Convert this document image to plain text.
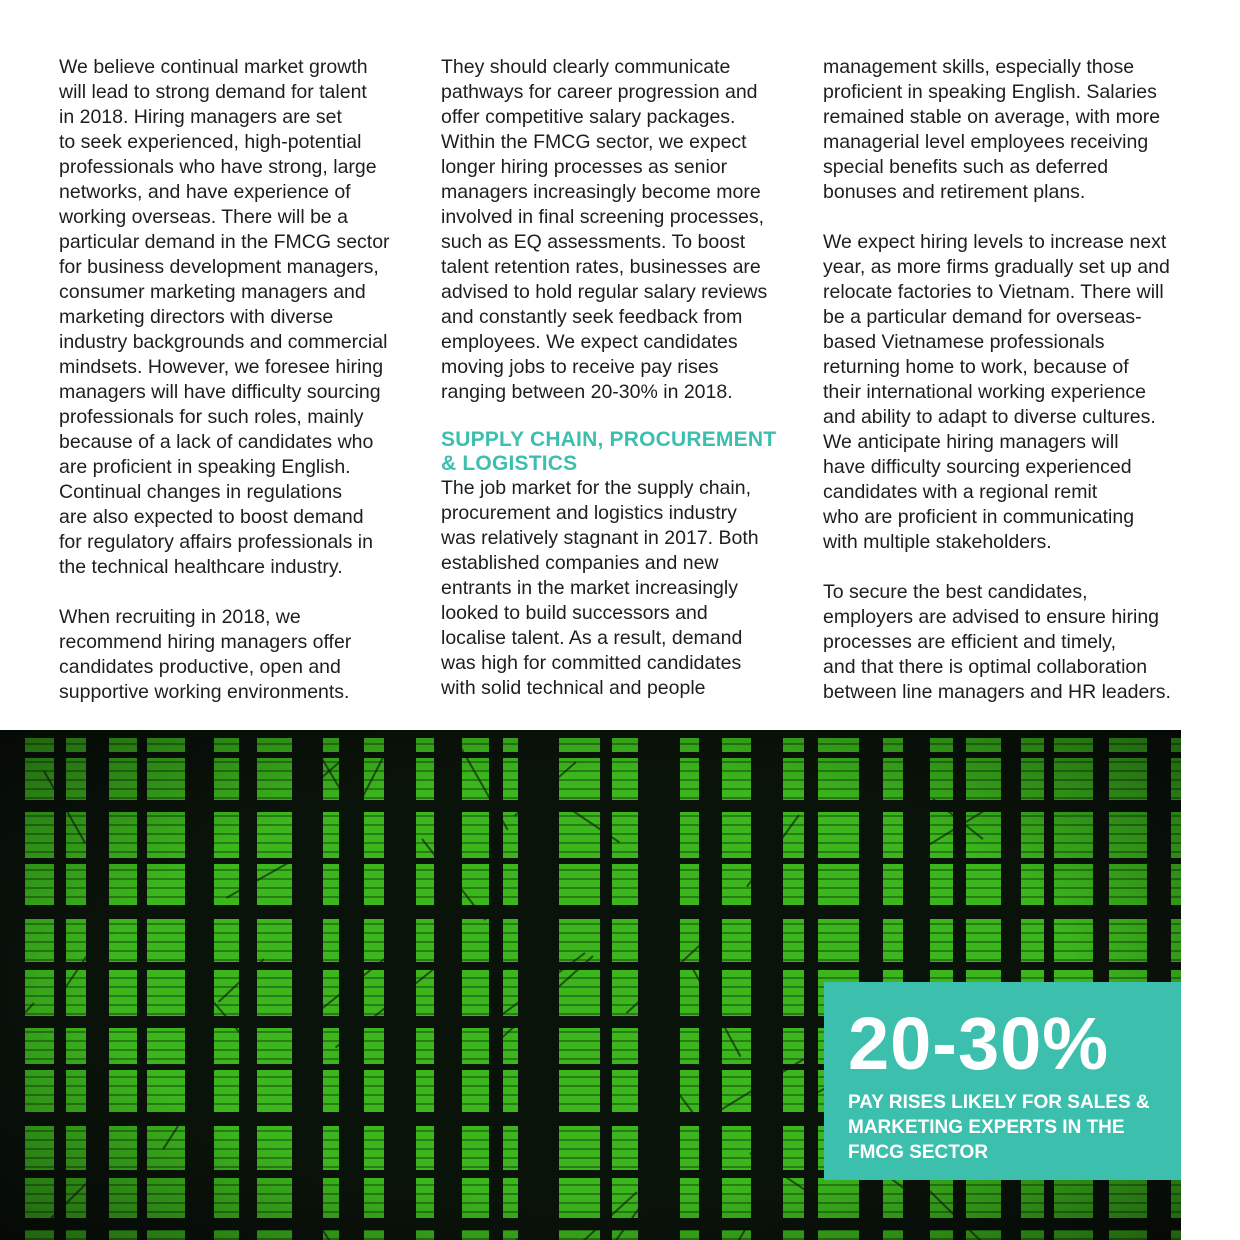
We believe continual market growth
will lead to strong demand for talent
in 2018. Hiring managers are set
to seek experienced, high-potential
professionals who have strong, large
networks, and have experience of
working overseas. There will be a
particular demand in the FMCG sector
for business development managers,
consumer marketing managers and
marketing directors with diverse
industry backgrounds and commercial
mindsets. However, we foresee hiring
managers will have difficulty sourcing
professionals for such roles, mainly
because of a lack of candidates who
are proficient in speaking English.
Continual changes in regulations
are also expected to boost demand
for regulatory affairs professionals in
the technical healthcare industry.

When recruiting in 2018, we
recommend hiring managers offer
candidates productive, open and
supportive working environments.

They should clearly communicate
pathways for career progression and
offer competitive salary packages.
Within the FMCG sector, we expect
longer hiring processes as senior
managers increasingly become more
involved in final screening processes,
such as EQ assessments. To boost
talent retention rates, businesses are
advised to hold regular salary reviews
and constantly seek feedback from
employees. We expect candidates
moving jobs to receive pay rises
ranging between 20-30% in 2018.

SUPPLY CHAIN, PROCUREMENT
& LOGISTICS

The job market for the supply chain,
procurement and logistics industry
was relatively stagnant in 2017. Both
established companies and new
entrants in the market increasingly
looked to build successors and
localise talent. As a result, demand
was high for committed candidates
with solid technical and people

management skills, especially those
proficient in speaking English. Salaries
remained stable on average, with more
managerial level employees receiving
special benefits such as deferred
bonuses and retirement plans.

We expect hiring levels to increase next
year, as more firms gradually set up and
relocate factories to Vietnam. There will
be a particular demand for overseas-
based Vietnamese professionals
returning home to work, because of
their international working experience
and ability to adapt to diverse cultures.
We anticipate hiring managers will
have difficulty sourcing experienced
candidates with a regional remit
who are proficient in communicating
with multiple stakeholders.

To secure the best candidates,
employers are advised to ensure hiring
processes are efficient and timely,
and that there is optimal collaboration
between line managers and HR leaders.

20-30%
PAY RISES LIKELY FOR SALES &
MARKETING EXPERTS IN THE
FMCG SECTOR
